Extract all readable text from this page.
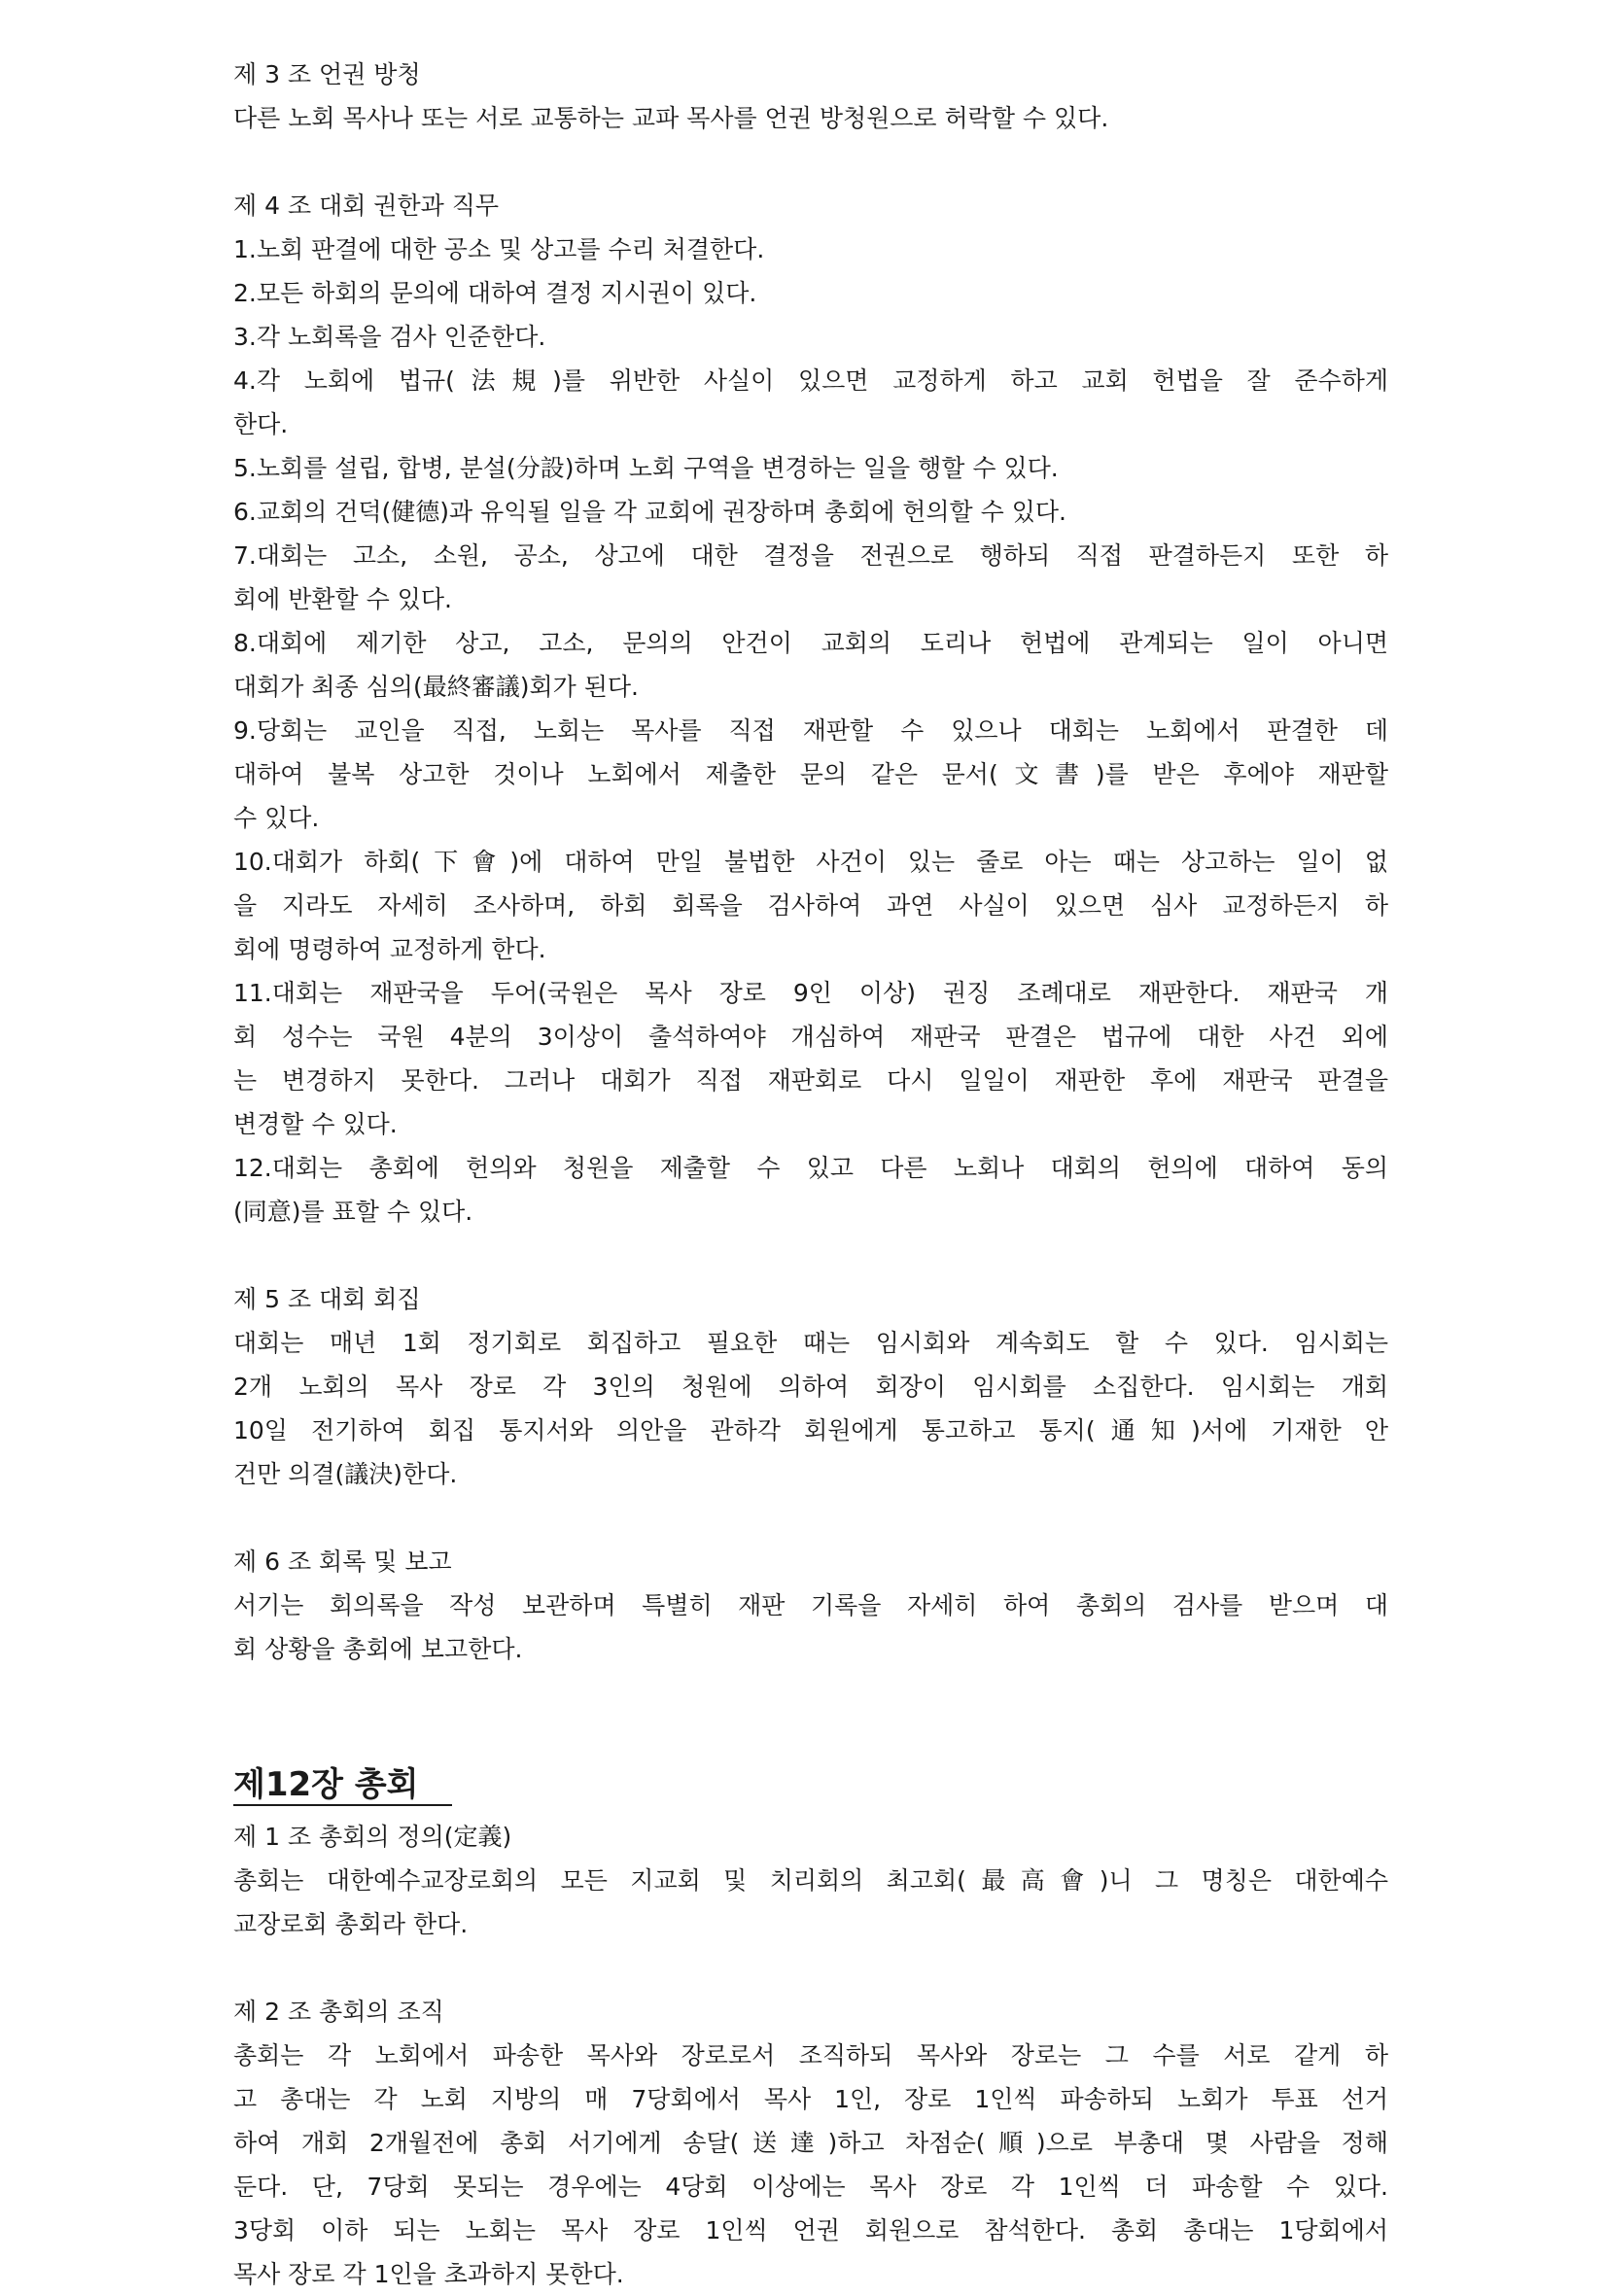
제 3 조 언권 방청
다른 노회 목사나 또는 서로 교통하는 교파 목사를 언권 방청원으로 허락할 수 있다.
제 4 조 대회 권한과 직무
1.노회 판결에 대한 공소 및 상고를 수리 처결한다.
2.모든 하회의 문의에 대하여 결정 지시권이 있다.
3.각 노회록을 검사 인준한다.
4.각 노회에 법규(法規)를 위반한 사실이 있으면 교정하게 하고 교회 헌법을 잘 준수하게
한다.
5.노회를 설립, 합병, 분설(分設)하며 노회 구역을 변경하는 일을 행할 수 있다.
6.교회의 건덕(健德)과 유익될 일을 각 교회에 권장하며 총회에 헌의할 수 있다.
7.대회는 고소, 소원, 공소, 상고에 대한 결정을 전권으로 행하되 직접 판결하든지 또한 하
회에 반환할 수 있다.
8.대회에 제기한 상고, 고소, 문의의 안건이 교회의 도리나 헌법에 관계되는 일이 아니면
대회가 최종 심의(最終審議)회가 된다.
9.당회는 교인을 직접, 노회는 목사를 직접 재판할 수 있으나 대회는 노회에서 판결한 데
대하여 불복 상고한 것이나 노회에서 제출한 문의 같은 문서(文書)를 받은 후에야 재판할
수 있다.
10.대회가 하회(下會)에 대하여 만일 불법한 사건이 있는 줄로 아는 때는 상고하는 일이 없
을 지라도 자세히 조사하며, 하회 회록을 검사하여 과연 사실이 있으면 심사 교정하든지 하
회에 명령하여 교정하게 한다.
11.대회는 재판국을 두어(국원은 목사 장로 9인 이상) 권징 조례대로 재판한다. 재판국 개
회 성수는 국원 4분의 3이상이 출석하여야 개심하여 재판국 판결은 법규에 대한 사건 외에
는 변경하지 못한다. 그러나 대회가 직접 재판회로 다시 일일이 재판한 후에 재판국 판결을
변경할 수 있다.
12.대회는 총회에 헌의와 청원을 제출할 수 있고 다른 노회나 대회의 헌의에 대하여 동의
(同意)를 표할 수 있다.
제 5 조 대회 회집
대회는 매년 1회 정기회로 회집하고 필요한 때는 임시회와 계속회도 할 수 있다. 임시회는
2개 노회의 목사 장로 각 3인의 청원에 의하여 회장이 임시회를 소집한다. 임시회는 개회
10일 전기하여 회집 통지서와 의안을 관하각 회원에게 통고하고 통지(通知)서에 기재한 안
건만 의결(議決)한다.
제 6 조 회록 및 보고
서기는 회의록을 작성 보관하며 특별히 재판 기록을 자세히 하여 총회의 검사를 받으며 대
회 상황을 총회에 보고한다.
제12장 총회
제 1 조 총회의 정의(定義)
총회는 대한예수교장로회의 모든 지교회 및 치리회의 최고회(最高會)니 그 명칭은 대한예수
교장로회 총회라 한다.
제 2 조 총회의 조직
총회는 각 노회에서 파송한 목사와 장로로서 조직하되 목사와 장로는 그 수를 서로 같게 하
고 총대는 각 노회 지방의 매 7당회에서 목사 1인, 장로 1인씩 파송하되 노회가 투표 선거
하여 개회 2개월전에 총회 서기에게 송달(送達)하고 차점순(順)으로 부총대 몇 사람을 정해
둔다. 단, 7당회 못되는 경우에는 4당회 이상에는 목사 장로 각 1인씩 더 파송할 수 있다.
3당회 이하 되는 노회는 목사 장로 1인씩 언권 회원으로 참석한다. 총회 총대는 1당회에서
목사 장로 각 1인을 초과하지 못한다.
